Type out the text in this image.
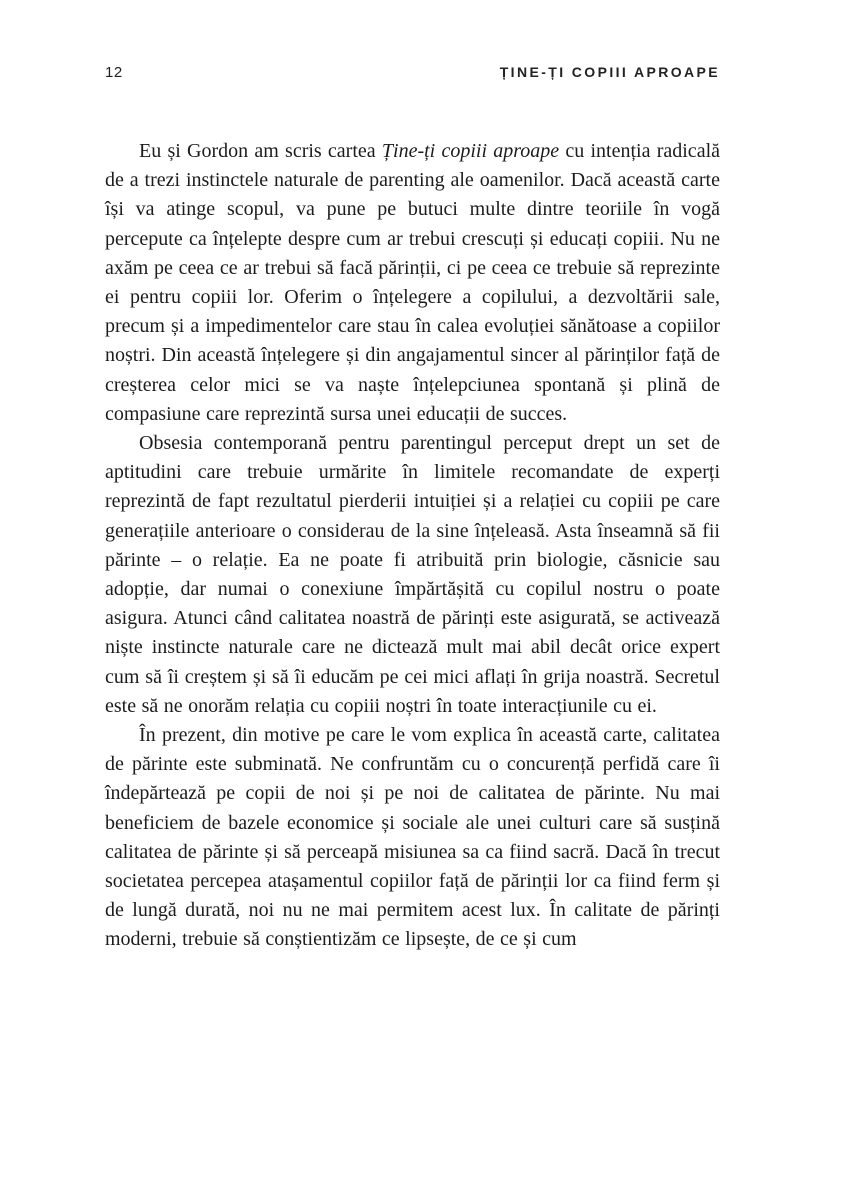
12	ȚINE-ȚI COPIII APROAPE

Eu și Gordon am scris cartea Ține-ți copiii aproape cu intenția radicală de a trezi instinctele naturale de parenting ale oamenilor. Dacă această carte își va atinge scopul, va pune pe butuci multe dintre teoriile în vogă percepute ca înțelepte despre cum ar trebui crescuți și educați copiii. Nu ne axăm pe ceea ce ar trebui să facă părinții, ci pe ceea ce trebuie să reprezinte ei pentru copiii lor. Oferim o înțelegere a copilului, a dezvoltării sale, precum și a impedimentelor care stau în calea evoluției sănătoase a copiilor noștri. Din această înțelegere și din angajamentul sincer al părinților față de creșterea celor mici se va naște înțelepciunea spontană și plină de compasiune care reprezintă sursa unei educații de succes.

Obsesia contemporană pentru parentingul perceput drept un set de aptitudini care trebuie urmărite în limitele recomandate de experți reprezintă de fapt rezultatul pierderii intuiției și a relației cu copiii pe care generațiile anterioare o considerau de la sine înțeleasă. Asta înseamnă să fii părinte – o relație. Ea ne poate fi atribuită prin biologie, căsnicie sau adopție, dar numai o conexiune împărtășită cu copilul nostru o poate asigura. Atunci când calitatea noastră de părinți este asigurată, se activează niște instincte naturale care ne dictează mult mai abil decât orice expert cum să îi creștem și să îi educăm pe cei mici aflați în grija noastră. Secretul este să ne onorăm relația cu copiii noștri în toate interacțiunile cu ei.

În prezent, din motive pe care le vom explica în această carte, calitatea de părinte este subminată. Ne confruntăm cu o concurență perfidă care îi îndepărtează pe copii de noi și pe noi de calitatea de părinte. Nu mai beneficiem de bazele economice și sociale ale unei culturi care să susțină calitatea de părinte și să perceapă misiunea sa ca fiind sacră. Dacă în trecut societatea percepea atașamentul copiilor față de părinții lor ca fiind ferm și de lungă durată, noi nu ne mai permitem acest lux. În calitate de părinți moderni, trebuie să conștientizăm ce lipsește, de ce și cum
